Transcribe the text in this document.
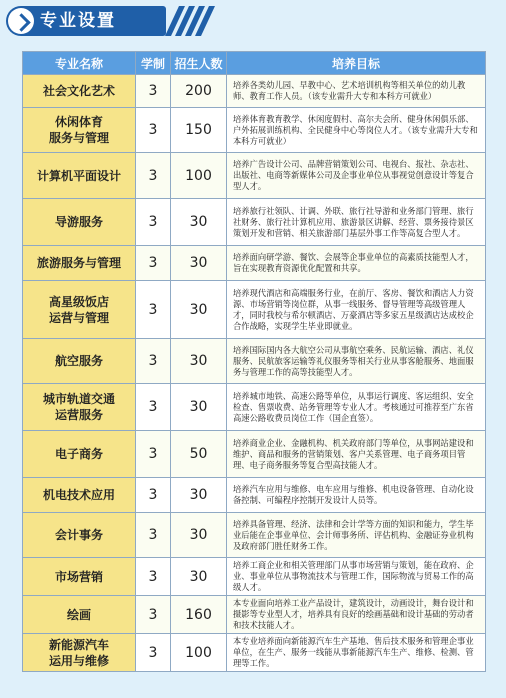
专业设置
专业名称	学制	招生人数	培养目标
社会文化艺术	3	200	培养各类幼儿园、早教中心、艺术培训机构等相关单位的幼儿教师、教育工作人员。（该专业需升大专和本科方可就业）
休闲体育
服务与管理	3	150	培养体育教育教学、休闲度假村、高尔夫会所、健身休闲俱乐部、户外拓展训练机构、全民健身中心等岗位人才。（该专业需升大专和本科方可就业）
计算机平面设计	3	100	培养广告设计公司、品牌营销策划公司、电视台、报社、杂志社、出版社、电商等新媒体公司及企事业单位从事视觉创意设计等复合型人才。
导游服务	3	30	培养旅行社领队、计调、外联、旅行社导游和业务部门管理、旅行社财务、旅行社计算机应用、旅游景区讲解、经营、票务接待景区策划开发和营销、相关旅游部门基层外事工作等高复合型人才。
旅游服务与管理	3	30	培养面向研学游、餐饮、会展等企事业单位的高素质技能型人才，旨在实现教育资源优化配置和共享。
高星级饭店
运营与管理	3	30	培养现代酒店和高端服务行业，在前厅、客房、餐饮和酒店人力资源、市场营销等岗位群，从事一线服务、督导管理等高级管理人才，同时我校与希尔顿酒店、万豪酒店等多家五星级酒店达成校企合作战略，实现学生毕业即就业。
航空服务	3	30	培养国际国内各大航空公司从事航空乘务、民航运输、酒店、礼仪服务、民航旅客运输等礼仪服务等相关行业从事客舱服务、地面服务与管理工作的高等技能型人才。
城市轨道交通
运营服务	3	30	培养城市地铁、高速公路等单位，从事运行调度、客运组织、安全检查、售票收费、站务管理等专业人才。考核通过可推荐至广东省高速公路收费员岗位工作（国企直签）。
电子商务	3	50	培养商业企业、金融机构、机关政府部门等单位，从事网站建设和维护、商品和服务的营销策划、客户关系管理、电子商务项目管理、电子商务服务等复合型高技能人才。
机电技术应用	3	30	培养汽车应用与维修、电车应用与维修、机电设备管理、自动化设备控制、可编程序控制开发设计人员等。
会计事务	3	30	培养具备管理、经济、法律和会计学等方面的知识和能力，学生毕业后能在企事业单位、会计师事务所、评估机构、金融证券业机构及政府部门胜任财务工作。
市场营销	3	30	培养工商企业和相关管理部门从事市场营销与策划，能在政府、企业、事业单位从事物流技术与管理工作，国际物流与贸易工作的高级人才。
绘画	3	160	本专业面向培养工业产品设计，建筑设计，动画设计，舞台设计和摄影等专业型人才，培养具有良好的绘画基础和设计基础的劳动者和技术技能人才。
新能源汽车
运用与维修	3	100	本专业培养面向新能源汽车生产基地、售后技术服务和管理企事业单位，在生产、服务一线能从事新能源汽车生产、维修、检测、管理等工作。
